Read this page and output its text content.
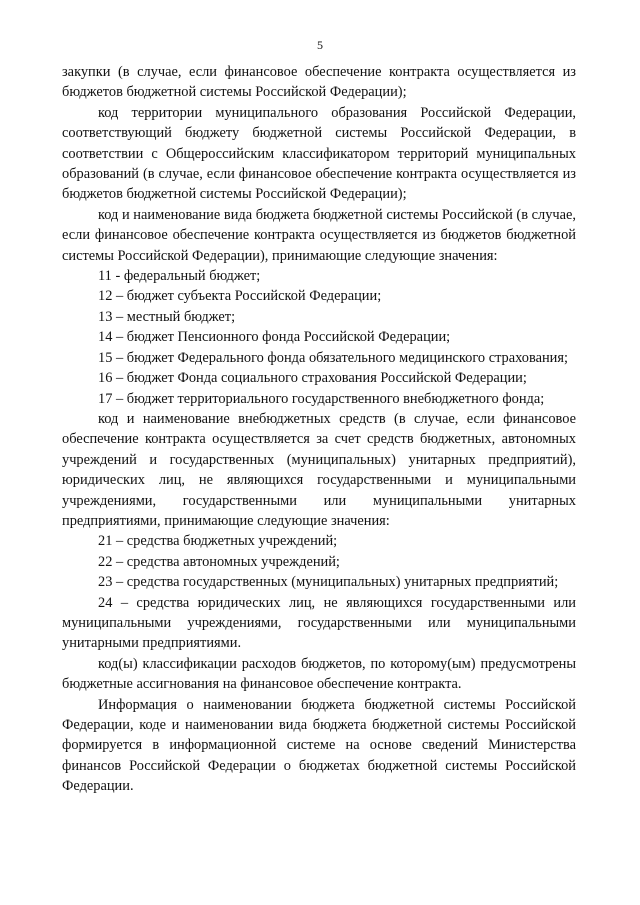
5

закупки (в случае, если финансовое обеспечение контракта осуществляется из бюджетов бюджетной системы Российской Федерации);

код территории муниципального образования Российской Федерации, соответствующий бюджету бюджетной системы Российской Федерации, в соответствии с Общероссийским классификатором территорий муниципальных образований (в случае, если финансовое обеспечение контракта осуществляется из бюджетов бюджетной системы Российской Федерации);

код и наименование вида бюджета бюджетной системы Российской (в случае, если финансовое обеспечение контракта осуществляется из бюджетов бюджетной системы Российской Федерации), принимающие следующие значения:

11 - федеральный бюджет;

12 – бюджет субъекта Российской Федерации;

13 – местный бюджет;

14 – бюджет Пенсионного фонда Российской Федерации;

15 – бюджет Федерального фонда обязательного медицинского страхования;

16 – бюджет Фонда социального страхования Российской Федерации;

17 – бюджет территориального государственного внебюджетного фонда;

код и наименование внебюджетных средств (в случае, если финансовое обеспечение контракта осуществляется за счет средств бюджетных, автономных учреждений и государственных (муниципальных) унитарных предприятий), юридических лиц, не являющихся государственными и муниципальными учреждениями, государственными или муниципальными унитарных предприятиями, принимающие следующие значения:

21 – средства бюджетных учреждений;

22 – средства автономных учреждений;

23 – средства государственных (муниципальных) унитарных предприятий;

24 – средства юридических лиц, не являющихся государственными или муниципальными учреждениями, государственными или муниципальными унитарными предприятиями.

код(ы) классификации расходов бюджетов, по которому(ым) предусмотрены бюджетные ассигнования на финансовое обеспечение контракта.

Информация о наименовании бюджета бюджетной системы Российской Федерации, коде и наименовании вида бюджета бюджетной системы Российской формируется в информационной системе на основе сведений Министерства финансов Российской Федерации о бюджетах бюджетной системы Российской Федерации.
